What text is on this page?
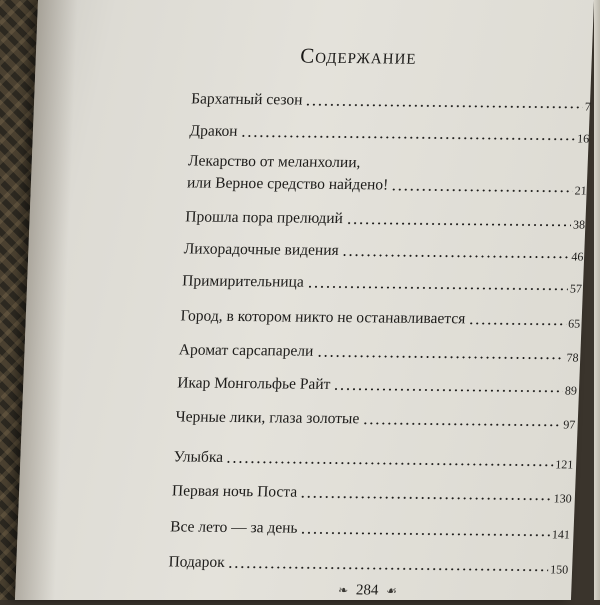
Содержание
Бархатный сезон	7
Дракон	16
Лекарство от меланхолии,
или Верное средство найдено!	21
Прошла пора прелюдий	38
Лихорадочные видения	46
Примирительница	57
Город, в котором никто не останавливается	65
Аромат сарсапарели	78
Икар Монгольфье Райт	89
Черные лики, глаза золотые	97
Улыбка	121
Первая ночь Поста	130
Все лето — за день	141
Подарок	150
❧ 284 ☙
